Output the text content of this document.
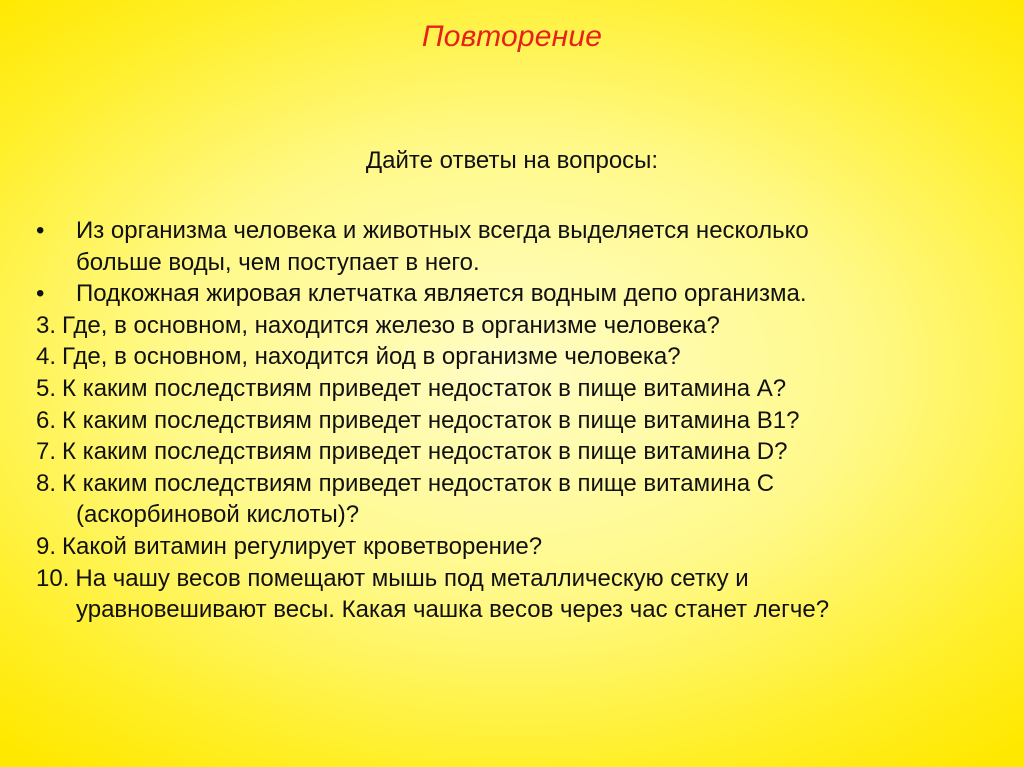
Повторение
Дайте ответы на вопросы:
•	Из организма человека и животных всегда выделяется несколько
больше воды, чем поступает в него.
•	Подкожная жировая клетчатка является водным депо организма.
3. Где, в основном, находится железо в организме человека?
4. Где, в основном, находится йод в организме человека?
5. К каким последствиям приведет недостаток в пище витамина А?
6. К каким последствиям приведет недостаток в пище витамина В1?
7. К каким последствиям приведет недостаток в пище витамина D?
8. К каким последствиям приведет недостаток в пище витамина С
(аскорбиновой кислоты)?
9. Какой витамин регулирует кроветворение?
10. На чашу весов помещают мышь под металлическую сетку и
уравновешивают весы. Какая чашка весов через час станет легче?
